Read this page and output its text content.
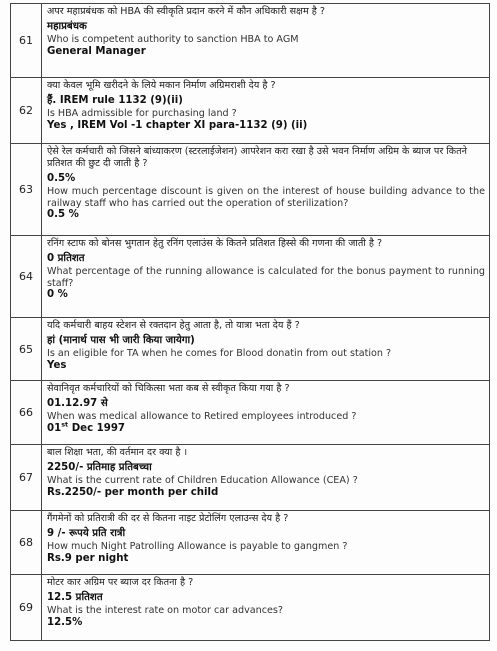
61	अपर महाप्रबंधक को HBA की स्वीकृति प्रदान करने में कौन अधिकारी सक्षम है ?
महाप्रबंधक
Who is competent authority to sanction HBA to AGM
General Manager

62	क्या केवल भूमि खरीदने के लिये मकान निर्माण अग्रिमराशी देय है ?
हैं. IREM rule 1132 (9)(ii)
Is HBA admissible for purchasing land ?
Yes , IREM Vol -1 chapter XI para-1132 (9) (ii)

63	ऐसे रेल कर्मचारी को जिसने बांध्याकरण (स्टरलाईजेशन) आपरेशन करा रखा है उसे भवन निर्माण अग्रिम के ब्याज पर कितने प्रतिशत की छुट दी जाती है ?
0.5%
How much percentage discount is given on the interest of house building advance to the railway staff who has carried out the operation of sterilization?
0.5 %

64	रनिंग स्टाफ को बोनस भुगतान हेतु रनिंग एलाउंस के कितने प्रतिशत हिस्से की गणना की जाती है ?
0 प्रतिशत
What percentage of the running allowance is calculated for the bonus payment to running staff?
0 %

65	यदि कर्मचारी बाहय स्टेशन से रक्तदान हेतु आता है, तो यात्रा भता देय हैं ?
हां (मानार्थ पास भी जारी किया जायेगा)
Is an eligible for TA when he comes for Blood donatin from out station ?
Yes

66	सेवानिवृत कर्मचारियों को चिकित्सा भता कब से स्वीकृत किया गया है ?
01.12.97 से
When was medical allowance to Retired employees introduced ?
01st Dec 1997

67	बाल शिक्षा भता, की वर्तमान दर क्या है ।
2250/- प्रतिमाह प्रतिबच्चा
What is the current rate of Children Education Allowance (CEA) ?
Rs.2250/- per month per child

68	गैंगमेनों को प्रतिरात्री की दर से कितना नाइट प्रेटोलिंग एलाउन्स देय है ?
9 /- रूपये प्रति रात्री
How much Night Patrolling Allowance is payable to gangmen ?
Rs.9 per night

69	मोटर कार अग्रिम पर ब्याज दर कितना है ?
12.5 प्रतिशत
What is the interest rate on motor car advances?
12.5%
